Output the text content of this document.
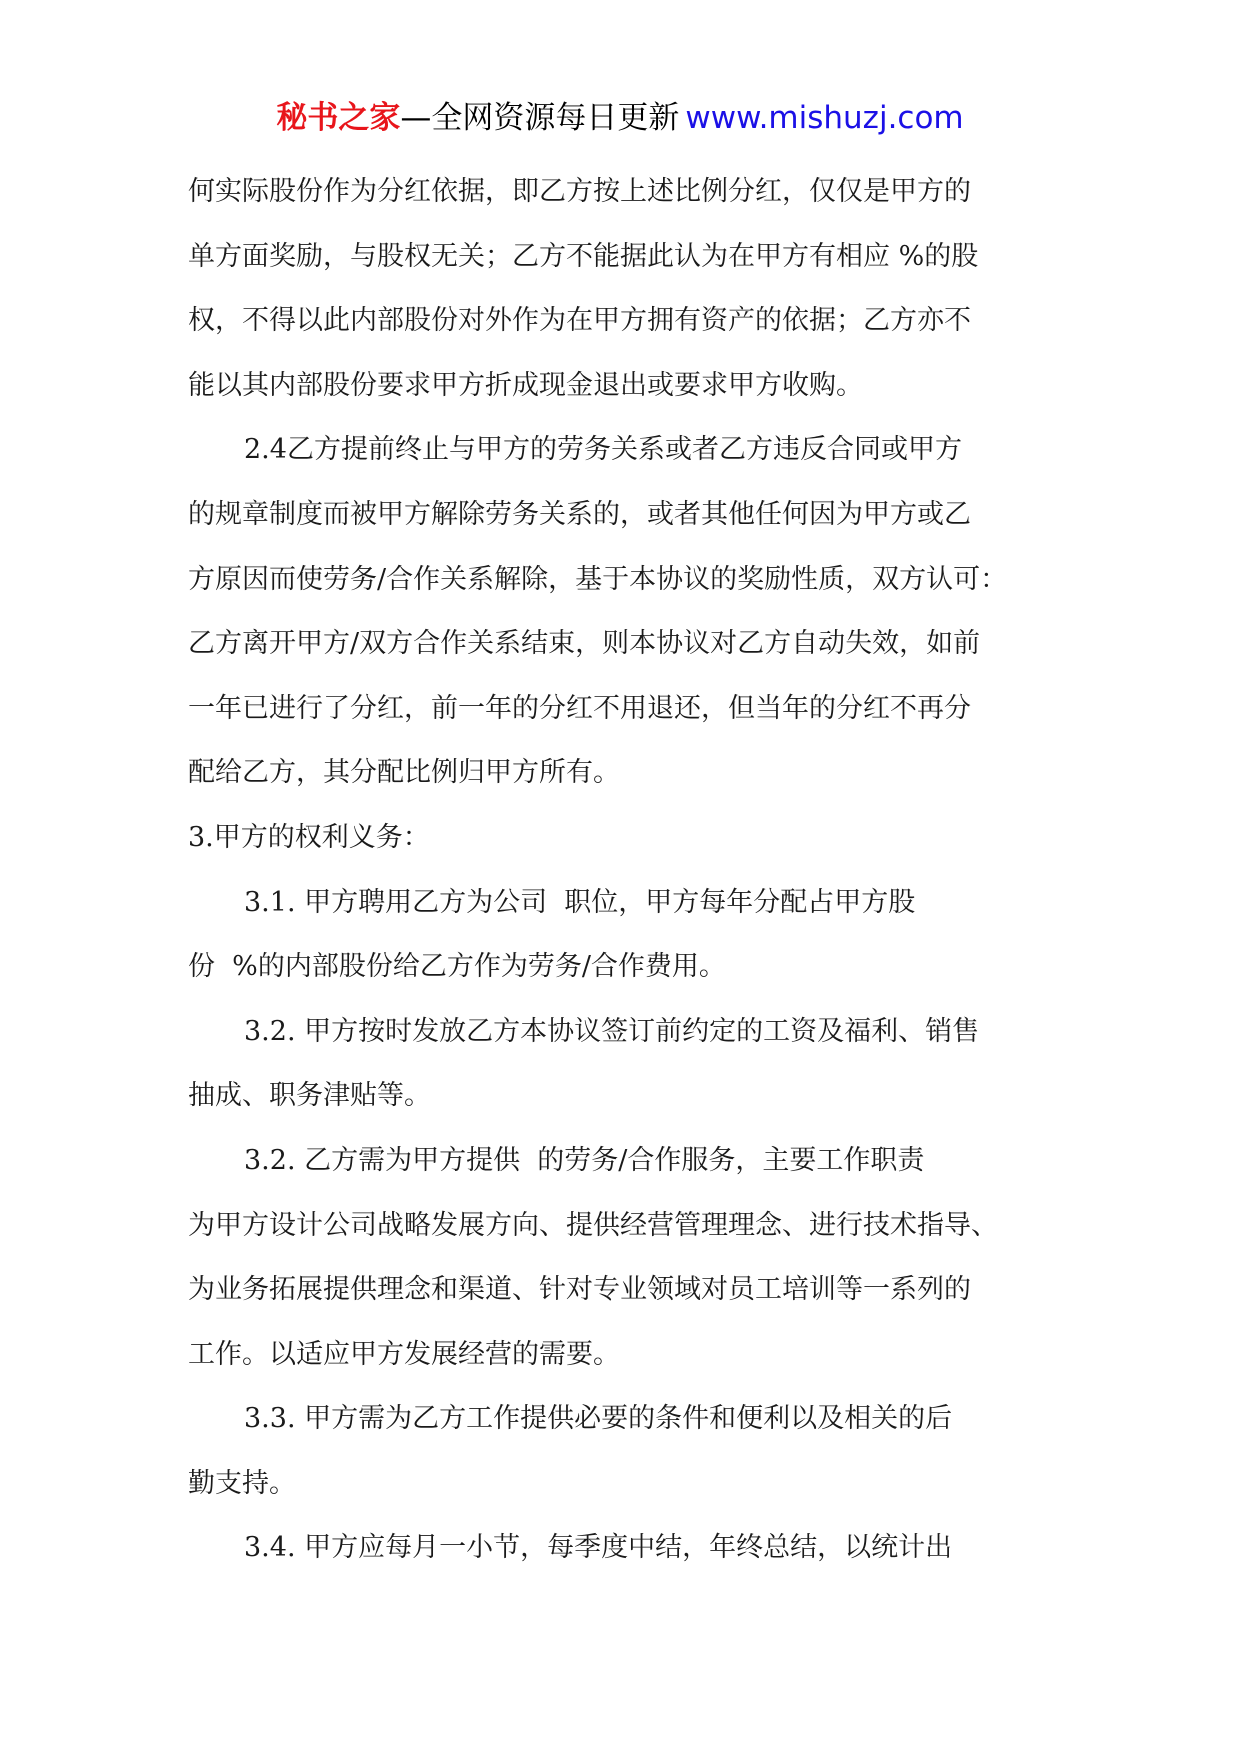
秘书之家—全网资源每日更新 www.mishuzj.com
何实际股份作为分红依据，即乙方按上述比例分红，仅仅是甲方的
单方面奖励，与股权无关；乙方不能据此认为在甲方有相应 %的股
权，不得以此内部股份对外作为在甲方拥有资产的依据；乙方亦不
能以其内部股份要求甲方折成现金退出或要求甲方收购。
2.4乙方提前终止与甲方的劳务关系或者乙方违反合同或甲方
的规章制度而被甲方解除劳务关系的，或者其他任何因为甲方或乙
方原因而使劳务/合作关系解除，基于本协议的奖励性质，双方认可：
乙方离开甲方/双方合作关系结束，则本协议对乙方自动失效，如前
一年已进行了分红，前一年的分红不用退还，但当年的分红不再分
配给乙方，其分配比例归甲方所有。
3.甲方的权利义务：
3.1. 甲方聘用乙方为公司  职位，甲方每年分配占甲方股
份  %的内部股份给乙方作为劳务/合作费用。
3.2. 甲方按时发放乙方本协议签订前约定的工资及福利、销售
抽成、职务津贴等。
3.2. 乙方需为甲方提供  的劳务/合作服务，主要工作职责
为甲方设计公司战略发展方向、提供经营管理理念、进行技术指导、
为业务拓展提供理念和渠道、针对专业领域对员工培训等一系列的
工作。以适应甲方发展经营的需要。
3.3. 甲方需为乙方工作提供必要的条件和便利以及相关的后
勤支持。
3.4. 甲方应每月一小节，每季度中结，年终总结，以统计出
